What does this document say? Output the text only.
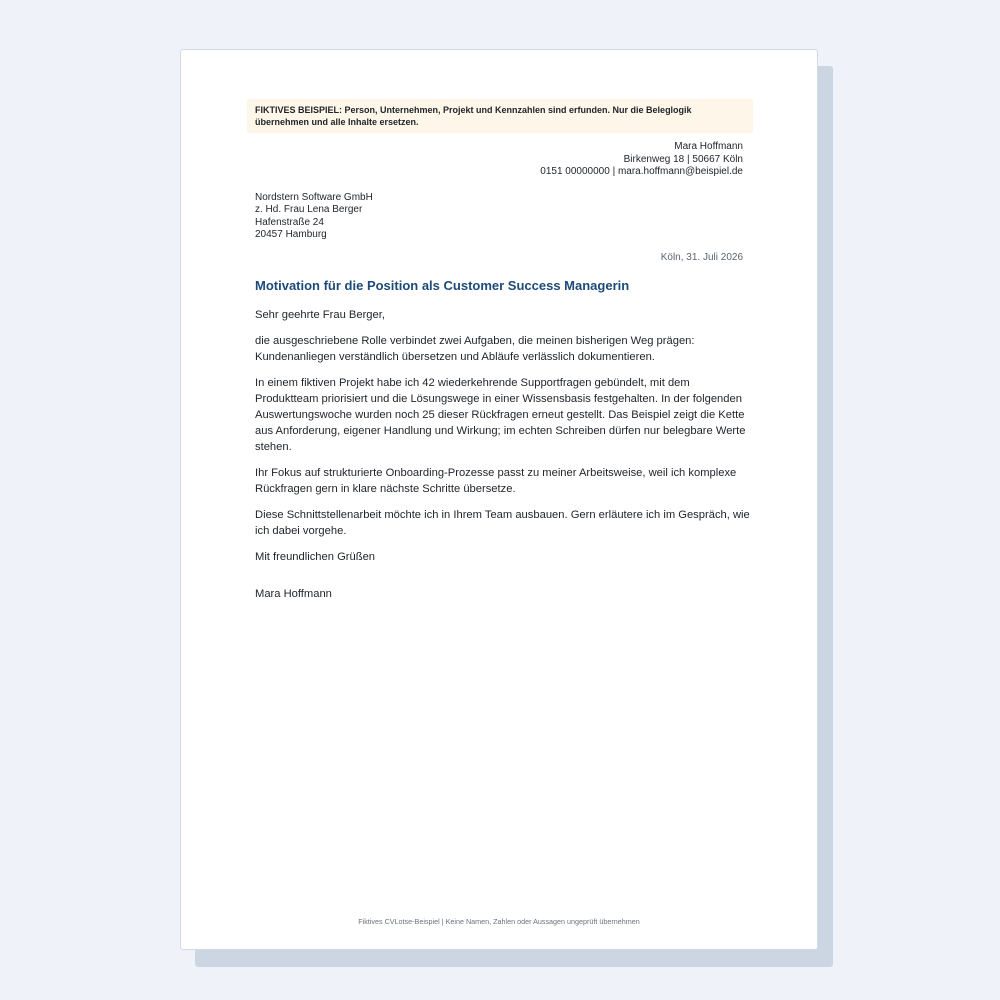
FIKTIVES BEISPIEL: Person, Unternehmen, Projekt und Kennzahlen sind erfunden. Nur die Beleglogik übernehmen und alle Inhalte ersetzen.
Mara Hoffmann
Birkenweg 18 | 50667 Köln
0151 00000000 | mara.hoffmann@beispiel.de
Nordstern Software GmbH
z. Hd. Frau Lena Berger
Hafenstraße 24
20457 Hamburg
Köln, 31. Juli 2026
Motivation für die Position als Customer Success Managerin

Sehr geehrte Frau Berger,

die ausgeschriebene Rolle verbindet zwei Aufgaben, die meinen bisherigen Weg prägen: Kundenanliegen verständlich übersetzen und Abläufe verlässlich dokumentieren.

In einem fiktiven Projekt habe ich 42 wiederkehrende Supportfragen gebündelt, mit dem Produktteam priorisiert und die Lösungswege in einer Wissensbasis festgehalten. In der folgenden Auswertungswoche wurden noch 25 dieser Rückfragen erneut gestellt. Das Beispiel zeigt die Kette aus Anforderung, eigener Handlung und Wirkung; im echten Schreiben dürfen nur belegbare Werte stehen.

Ihr Fokus auf strukturierte Onboarding-Prozesse passt zu meiner Arbeitsweise, weil ich komplexe Rückfragen gern in klare nächste Schritte übersetze.

Diese Schnittstellenarbeit möchte ich in Ihrem Team ausbauen. Gern erläutere ich im Gespräch, wie ich dabei vorgehe.

Mit freundlichen Grüßen

Mara Hoffmann

Fiktives CVLotse-Beispiel | Keine Namen, Zahlen oder Aussagen ungeprüft übernehmen
